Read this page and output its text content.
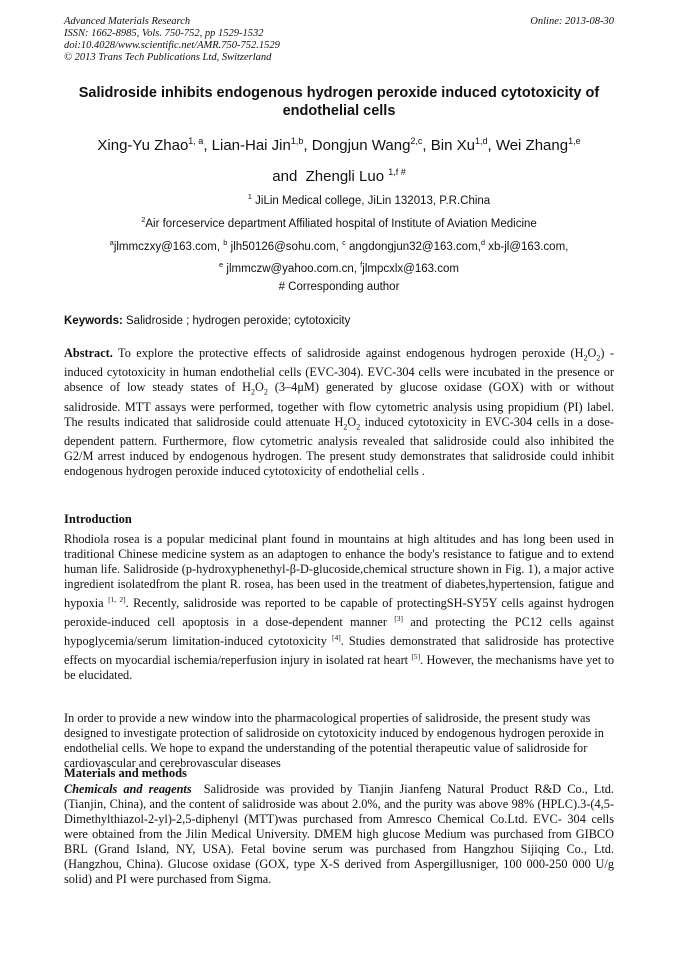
Advanced Materials Research
ISSN: 1662-8985, Vols. 750-752, pp 1529-1532
doi:10.4028/www.scientific.net/AMR.750-752.1529
© 2013 Trans Tech Publications Ltd, Switzerland
Online: 2013-08-30
Salidroside inhibits endogenous hydrogen peroxide induced cytotoxicity of endothelial cells
Xing-Yu Zhao$^{1, a}$, Lian-Hai Jin$^{1,b}$, Dongjun Wang$^{2,c}$, Bin Xu$^{1,d}$, Wei Zhang$^{1,e}$
and Zhengli Luo $^{1,f \#}$
$^1$ JiLin Medical college, JiLin 132013, P.R.China
$^2$Air forceservice department Affiliated hospital of Institute of Aviation Medicine
$^a$jlmmczxy@163.com, $^b$ jlh50126@sohu.com, $^c$ angdongjun32@163.com,$^d$ xb-jl@163.com,
$^e$ jlmmczw@yahoo.com.cn, $^f$jlmpcxlx@163.com
# Corresponding author
Keywords: Salidroside ; hydrogen peroxide; cytotoxicity
Abstract. To explore the protective effects of salidroside against endogenous hydrogen peroxide $(H_2O_2)$ -induced cytotoxicity in human endothelial cells (EVC-304). EVC-304 cells were incubated in the presence or absence of low steady states of $H_2O_2$ (3–4μM) generated by glucose oxidase (GOX) with or without salidroside. MTT assays were performed, together with flow cytometric analysis using propidium (PI) label. The results indicated that salidroside could attenuate $H_2O_2$ induced cytotoxicity in EVC-304 cells in a dose-dependent pattern. Furthermore, flow cytometric analysis revealed that salidroside could also inhibited the G2/M arrest induced by endogenous hydrogen. The present study demonstrates that salidroside could inhibit endogenous hydrogen peroxide induced cytotoxicity of endothelial cells .
Introduction
Rhodiola rosea is a popular medicinal plant found in mountains at high altitudes and has long been used in traditional Chinese medicine system as an adaptogen to enhance the body's resistance to fatigue and to extend human life. Salidroside (p-hydroxyphenethyl-β-D-glucoside,chemical structure shown in Fig. 1), a major active ingredient isolatedfrom the plant R. rosea, has been used in the treatment of diabetes,hypertension, fatigue and hypoxia [1, 2]. Recently, salidroside was reported to be capable of protectingSH-SY5Y cells against hydrogen peroxide-induced cell apoptosis in a dose-dependent manner [3] and protecting the PC12 cells against hypoglycemia/serum limitation-induced cytotoxicity [4]. Studies demonstrated that salidroside has protective effects on myocardial ischemia/reperfusion injury in isolated rat heart [5]. However, the mechanisms have yet to be elucidated.
In order to provide a new window into the pharmacological properties of salidroside, the present study was designed to investigate protection of salidroside on cytotoxicity induced by endogenous hydrogen peroxide in endothelial cells. We hope to expand the understanding of the potential therapeutic value of salidroside for cardiovascular and cerebrovascular diseases
Materials and methods
Chemicals and reagents Salidroside was provided by Tianjin Jianfeng Natural Product R&D Co., Ltd. (Tianjin, China), and the content of salidroside was about 2.0%, and the purity was above 98% (HPLC).3-(4,5-Dimethylthiazol-2-yl)-2,5-diphenyl (MTT)was purchased from Amresco Chemical Co.Ltd. EVC- 304 cells were obtained from the Jilin Medical University. DMEM high glucose Medium was purchased from GIBCO BRL (Grand Island, NY, USA). Fetal bovine serum was purchased from Hangzhou Sijiqing Co., Ltd. (Hangzhou, China). Glucose oxidase (GOX, type X-S derived from Aspergillusniger, 100 000-250 000 U/g solid) and PI were purchased from Sigma.
